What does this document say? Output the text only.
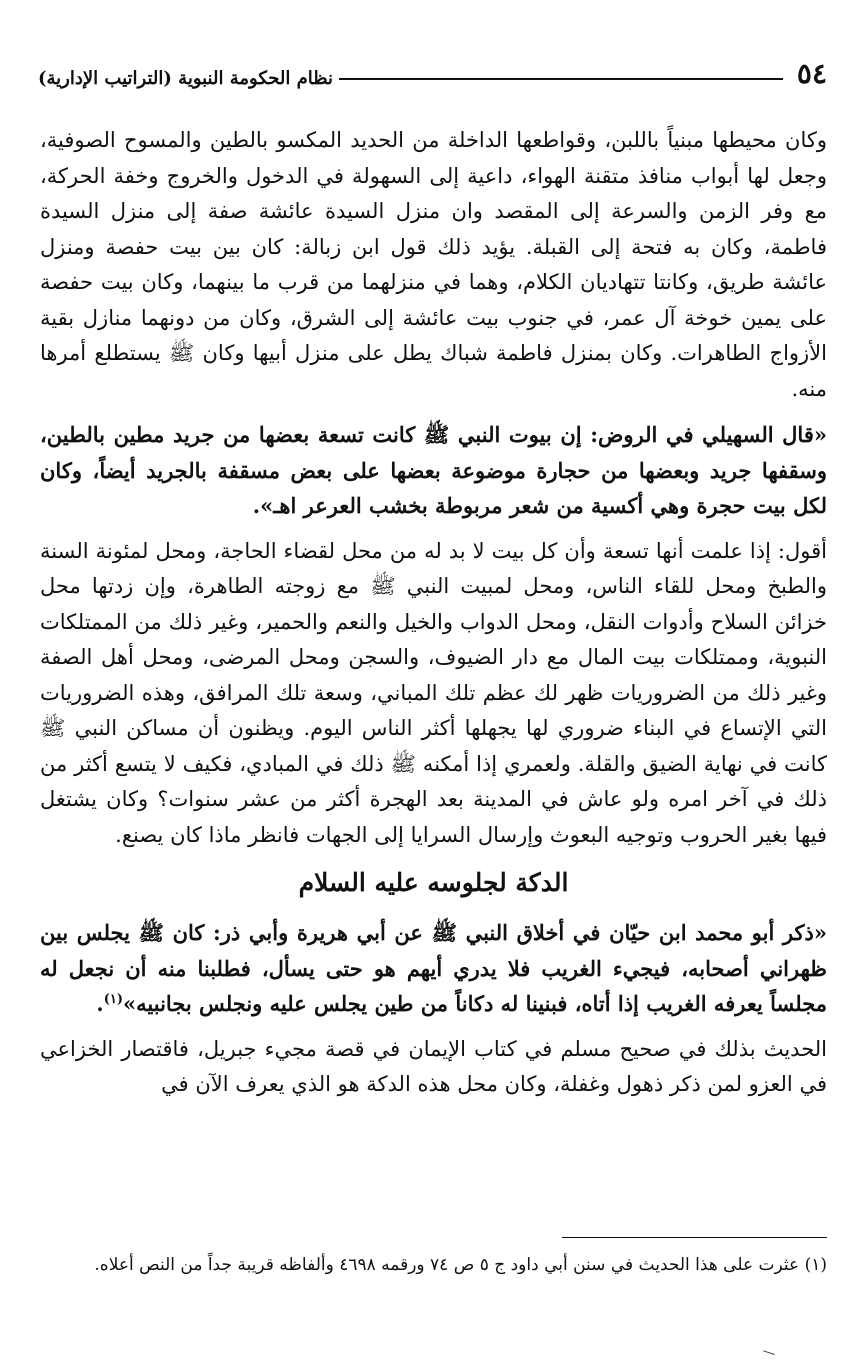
٥٤
نظام الحكومة النبوية (التراتيب الإدارية)

وكان محيطها مبنياً باللبن، وقواطعها الداخلة من الحديد المكسو بالطين والمسوح الصوفية، وجعل لها أبواب منافذ متقنة الهواء، داعية إلى السهولة في الدخول والخروج وخفة الحركة، مع وفر الزمن والسرعة إلى المقصد وان منزل السيدة عائشة صفة إلى منزل السيدة فاطمة، وكان به فتحة إلى القبلة. يؤيد ذلك قول ابن زبالة: كان بين بيت حفصة ومنزل عائشة طريق، وكانتا تتهاديان الكلام، وهما في منزلهما من قرب ما بينهما، وكان بيت حفصة على يمين خوخة آل عمر، في جنوب بيت عائشة إلى الشرق، وكان من دونهما منازل بقية الأزواج الطاهرات. وكان بمنزل فاطمة شباك يطل على منزل أبيها وكان ﷺ يستطلع أمرها منه.

«قال السهيلي في الروض: إن بيوت النبي ﷺ كانت تسعة بعضها من جريد مطين بالطين، وسقفها جريد وبعضها من حجارة موضوعة بعضها على بعض مسقفة بالجريد أيضاً، وكان لكل بيت حجرة وهي أكسية من شعر مربوطة بخشب العرعر اهـ».

أقول: إذا علمت أنها تسعة وأن كل بيت لا بد له من محل لقضاء الحاجة، ومحل لمئونة السنة والطبخ ومحل للقاء الناس، ومحل لمبيت النبي ﷺ مع زوجته الطاهرة، وإن زدتها محل خزائن السلاح وأدوات النقل، ومحل الدواب والخيل والنعم والحمير، وغير ذلك من الممتلكات النبوية، وممتلكات بيت المال مع دار الضيوف، والسجن ومحل المرضى، ومحل أهل الصفة وغير ذلك من الضروريات ظهر لك عظم تلك المباني، وسعة تلك المرافق، وهذه الضروريات التي الإتساع في البناء ضروري لها يجهلها أكثر الناس اليوم. ويظنون أن مساكن النبي ﷺ كانت في نهاية الضيق والقلة. ولعمري إذا أمكنه ﷺ ذلك في المبادي، فكيف لا يتسع أكثر من ذلك في آخر امره ولو عاش في المدينة بعد الهجرة أكثر من عشر سنوات؟ وكان يشتغل فيها بغير الحروب وتوجيه البعوث وإرسال السرايا إلى الجهات فانظر ماذا كان يصنع.

الدكة لجلوسه عليه السلام

«ذكر أبو محمد ابن حيّان في أخلاق النبي ﷺ عن أبي هريرة وأبي ذر: كان ﷺ يجلس بين ظهراني أصحابه، فيجيء الغريب فلا يدري أيهم هو حتى يسأل، فطلبنا منه أن نجعل له مجلساً يعرفه الغريب إذا أتاه، فبنينا له دكاناً من طين يجلس عليه ونجلس بجانبيه»$^{(١)}$.

الحديث بذلك في صحيح مسلم في كتاب الإيمان في قصة مجيء جبريل، فاقتصار الخزاعي في العزو لمن ذكر ذهول وغفلة، وكان محل هذه الدكة هو الذي يعرف الآن في

(١) عثرت على هذا الحديث في سنن أبي داود ج ٥ ص ٧٤ ورقمه ٤٦٩٨ وألفاظه قريبة جداً من النص أعلاه.
